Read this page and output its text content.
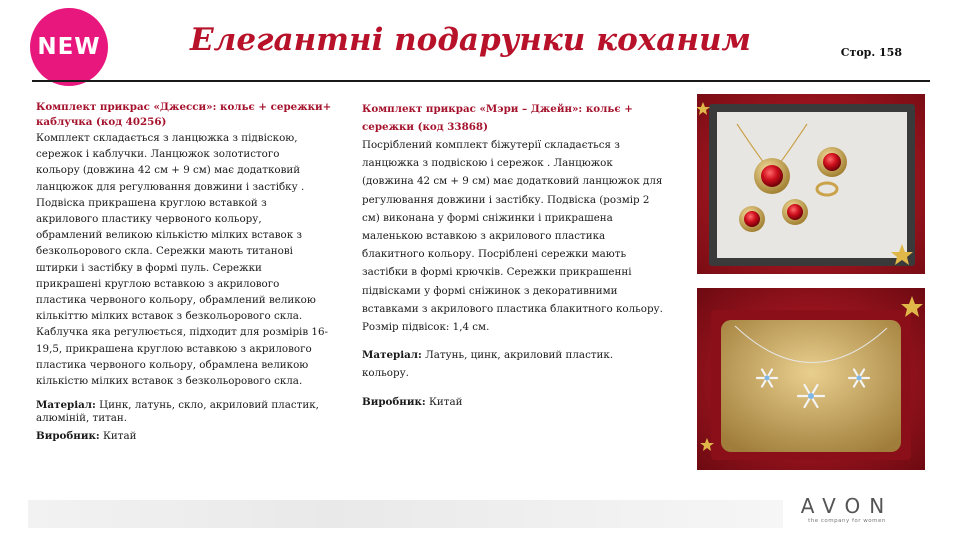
NEW	Елегантні подарунки коханим	Стор. 158
Комплект прикрас «Джесси»: кольє + сережки+ каблучка (код 40256)

Комплект складається з ланцюжка з підвіскою,

сережок і каблучки. Ланцюжок золотистого

кольору (довжина 42 см + 9 см) має додатковий

ланцюжок для регулювання довжини і застібку .

Подвіска прикрашена круглою вставкой з

акрилового пластику червоного кольору,

обрамлений великою кількістю мілких вставок з

безкольорового скла. Сережки мають титанові

штирки і застібку в формі пуль. Сережки

прикрашені круглою вставкою з акрилового

пластика червоного кольору, обрамлений великою

кількіттю мілких вставок з безкольорового скла.

Каблучка яка регулюється, підходит для розмірів 16-

19,5, прикрашена круглою вставкою з акрилового

пластика червоного кольору, обрамлена великою

кількістю мілких вставок з безкольорового скла.

Матеріал: Цинк, латунь, скло, акриловий пластик, алюміній, титан.

Виробник: Китай

Комплект прикрас «Мэри – Джейн»: кольє + сережки (код 33868)

Посріблений комплект біжутерії складається з

ланцюжка з подвіскою і сережок . Ланцюжок

(довжина 42 см + 9 см) має додатковий ланцюжок для

регулювання довжини і застібку. Подвіска (розмір 2

см) виконана у формі сніжинки і прикрашена

маленькою вставкою з акрилового пластика

блакитного кольору. Посріблені сережки мають

застібки в формі крючків. Сережки прикрашенні

підвісками у формі сніжинок з декоративними

вставками з акрилового пластика блакитного кольору.

Розмір підвісок: 1,4 см.

Матеріал: Латунь, цинк, акриловий пластик.

кольору.

Виробник: Китай

AVON
the company for women
